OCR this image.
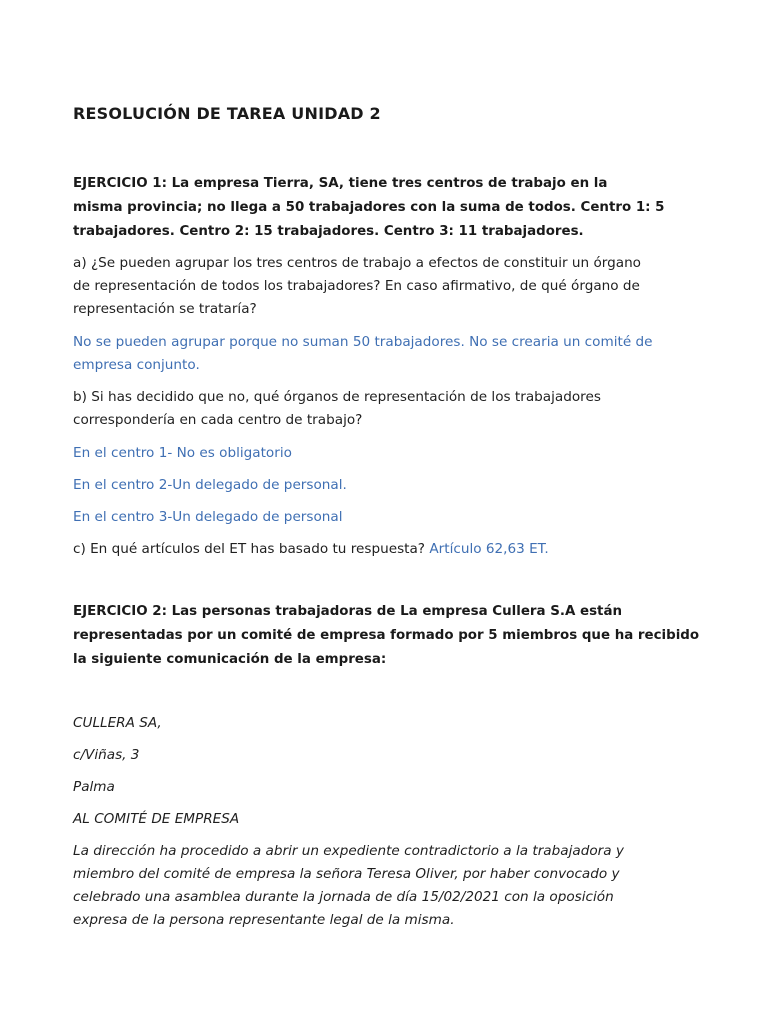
RESOLUCIÓN DE TAREA UNIDAD 2
EJERCICIO 1: La empresa Tierra, SA, tiene tres centros de trabajo en la
misma provincia; no llega a 50 trabajadores con la suma de todos. Centro 1: 5
trabajadores. Centro 2: 15 trabajadores. Centro 3: 11 trabajadores.
a) ¿Se pueden agrupar los tres centros de trabajo a efectos de constituir un órgano
de representación de todos los trabajadores? En caso afirmativo, de qué órgano de
representación se trataría?
No se pueden agrupar porque no suman 50 trabajadores. No se crearia un comité de
empresa conjunto.
b) Si has decidido que no, qué órganos de representación de los trabajadores
correspondería en cada centro de trabajo?
En el centro 1- No es obligatorio
En el centro 2-Un delegado de personal.
En el centro 3-Un delegado de personal
c) En qué artículos del ET has basado tu respuesta? Artículo 62,63 ET.
EJERCICIO 2: Las personas trabajadoras de La empresa Cullera S.A están
representadas por un comité de empresa formado por 5 miembros que ha recibido
la siguiente comunicación de la empresa:
CULLERA SA,
c/Viñas, 3
Palma
AL COMITÉ DE EMPRESA
La dirección ha procedido a abrir un expediente contradictorio a la trabajadora y
miembro del comité de empresa la señora Teresa Oliver, por haber convocado y
celebrado una asamblea durante la jornada de día 15/02/2021 con la oposición
expresa de la persona representante legal de la misma.
